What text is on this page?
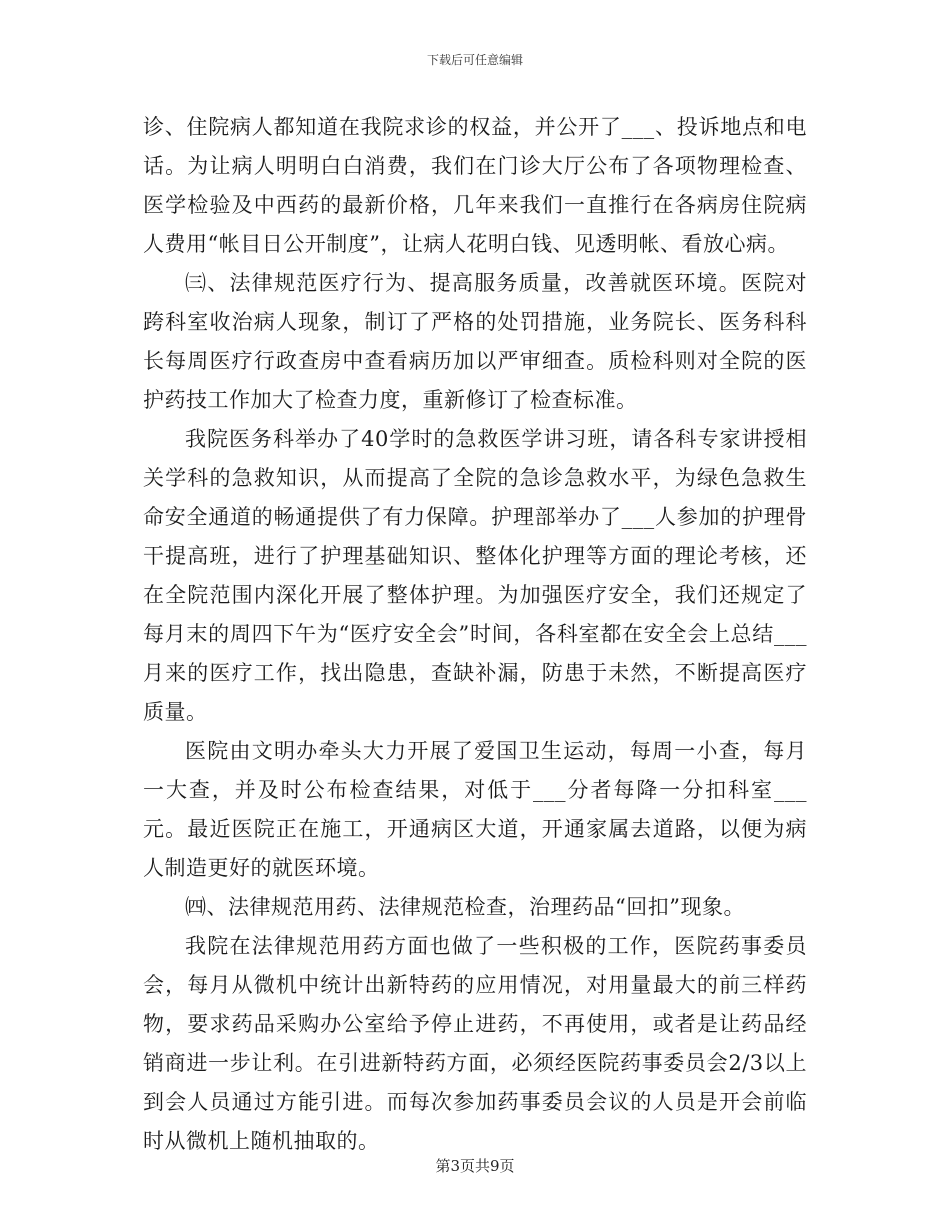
下载后可任意编辑

诊、住院病人都知道在我院求诊的权益，并公开了___、投诉地点和电话。为让病人明明白白消费，我们在门诊大厅公布了各项物理检查、医学检验及中西药的最新价格，几年来我们一直推行在各病房住院病人费用“帐目日公开制度”，让病人花明白钱、见透明帐、看放心病。

㈢、法律规范医疗行为、提高服务质量，改善就医环境。医院对跨科室收治病人现象，制订了严格的处罚措施，业务院长、医务科科长每周医疗行政查房中查看病历加以严审细查。质检科则对全院的医护药技工作加大了检查力度，重新修订了检查标准。

我院医务科举办了40学时的急救医学讲习班，请各科专家讲授相关学科的急救知识，从而提高了全院的急诊急救水平，为绿色急救生命安全通道的畅通提供了有力保障。护理部举办了___人参加的护理骨干提高班，进行了护理基础知识、整体化护理等方面的理论考核，还在全院范围内深化开展了整体护理。为加强医疗安全，我们还规定了每月末的周四下午为“医疗安全会”时间，各科室都在安全会上总结___月来的医疗工作，找出隐患，查缺补漏，防患于未然，不断提高医疗质量。

医院由文明办牵头大力开展了爱国卫生运动，每周一小查，每月一大查，并及时公布检查结果，对低于___分者每降一分扣科室___元。最近医院正在施工，开通病区大道，开通家属去道路，以便为病人制造更好的就医环境。

㈣、法律规范用药、法律规范检查，治理药品“回扣”现象。

我院在法律规范用药方面也做了一些积极的工作，医院药事委员会，每月从微机中统计出新特药的应用情况，对用量最大的前三样药物，要求药品采购办公室给予停止进药，不再使用，或者是让药品经销商进一步让利。在引进新特药方面，必须经医院药事委员会2/3以上到会人员通过方能引进。而每次参加药事委员会议的人员是开会前临时从微机上随机抽取的。

第3页共9页
